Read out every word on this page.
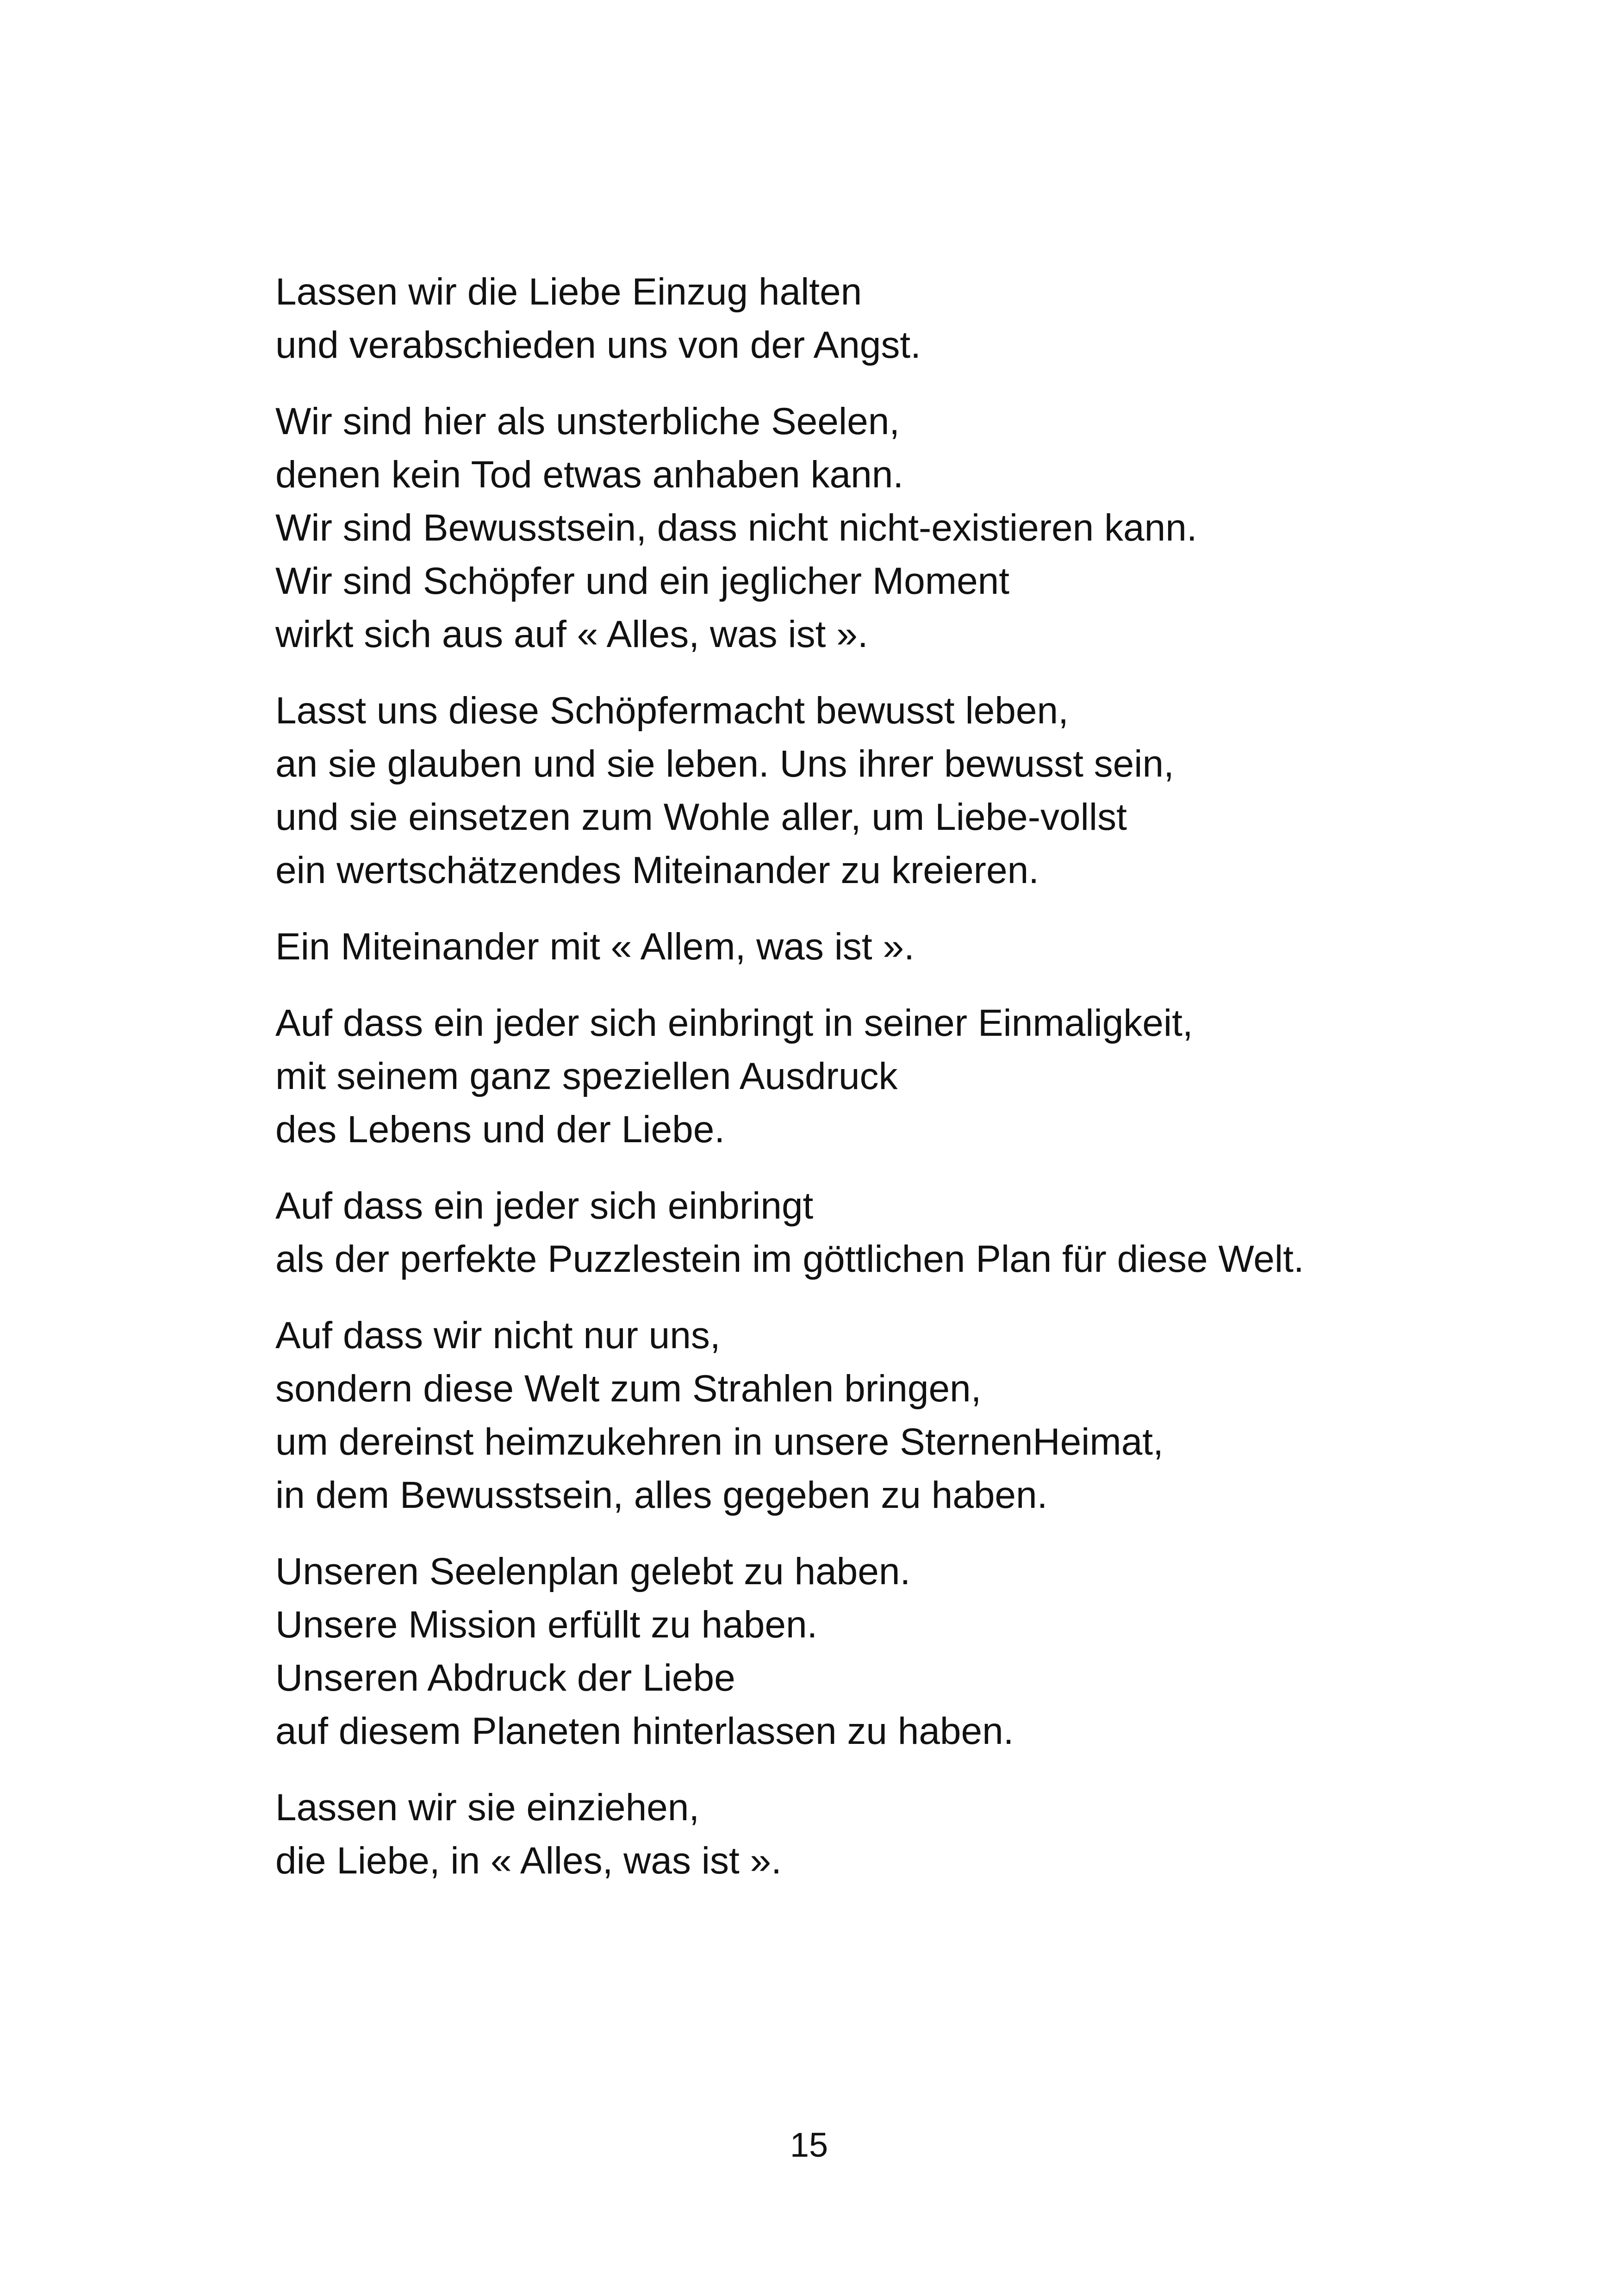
Lassen wir die Liebe Einzug halten
und verabschieden uns von der Angst.
Wir sind hier als unsterbliche Seelen,
denen kein Tod etwas anhaben kann.
Wir sind Bewusstsein, dass nicht nicht-existieren kann.
Wir sind Schöpfer und ein jeglicher Moment
wirkt sich aus auf « Alles, was ist ».
Lasst uns diese Schöpfermacht bewusst leben,
an sie glauben und sie leben. Uns ihrer bewusst sein,
und sie einsetzen zum Wohle aller, um Liebe-vollst
ein wertschätzendes Miteinander zu kreieren.
Ein Miteinander mit « Allem, was ist ».
Auf dass ein jeder sich einbringt in seiner Einmaligkeit,
mit seinem ganz speziellen Ausdruck
des Lebens und der Liebe.
Auf dass ein jeder sich einbringt
als der perfekte Puzzlestein im göttlichen Plan für diese Welt.
Auf dass wir nicht nur uns,
sondern diese Welt zum Strahlen bringen,
um dereinst heimzukehren in unsere SternenHeimat,
in dem Bewusstsein, alles gegeben zu haben.
Unseren Seelenplan gelebt zu haben.
Unsere Mission erfüllt zu haben.
Unseren Abdruck der Liebe
auf diesem Planeten hinterlassen zu haben.
Lassen wir sie einziehen,
die Liebe, in « Alles, was ist ».
15
